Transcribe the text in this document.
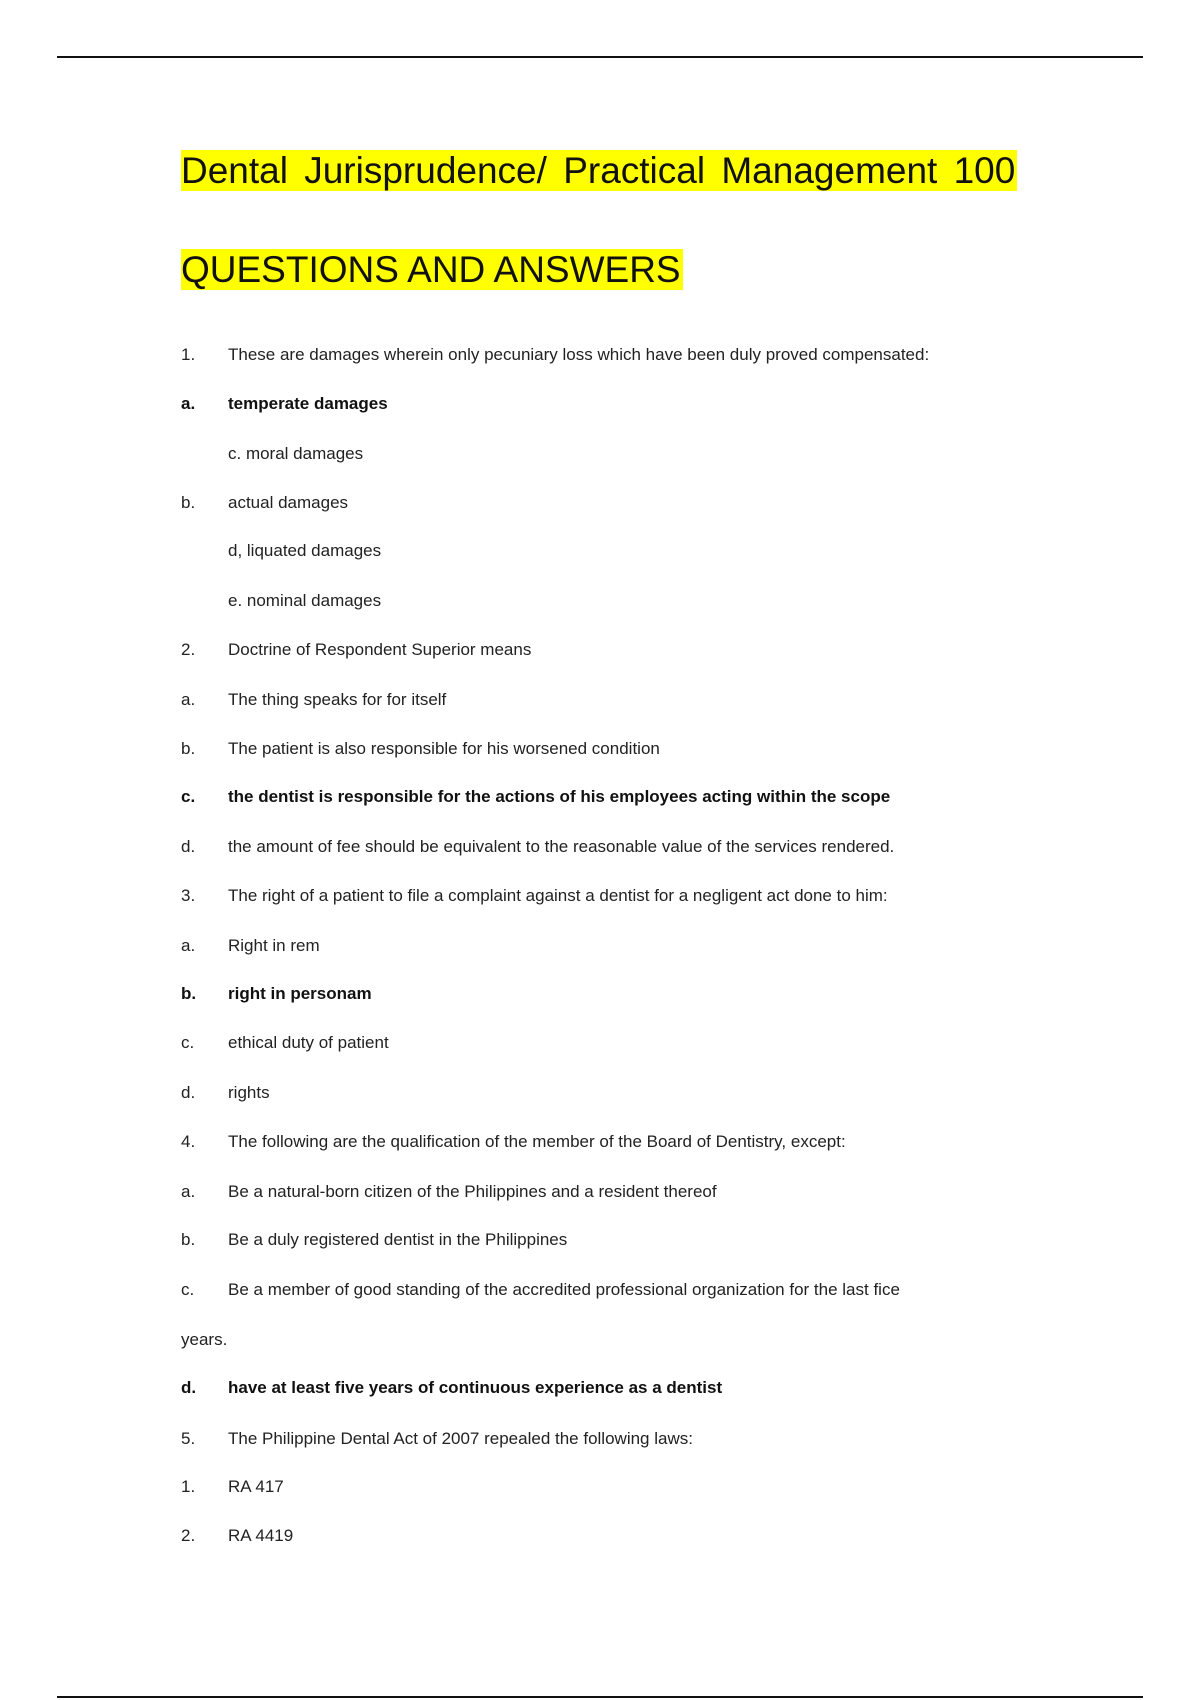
Dental Jurisprudence/ Practical Management 100
QUESTIONS AND ANSWERS
1. These are damages wherein only pecuniary loss which have been duly proved compensated:
a. temperate damages
c. moral damages
b. actual damages
d, liquated damages
e. nominal damages
2. Doctrine of Respondent Superior means
a. The thing speaks for for itself
b. The patient is also responsible for his worsened condition
c. the dentist is responsible for the actions of his employees acting within the scope
d. the amount of fee should be equivalent to the reasonable value of the services rendered.
3. The right of a patient to file a complaint against a dentist for a negligent act done to him:
a. Right in rem
b. right in personam
c. ethical duty of patient
d. rights
4. The following are the qualification of the member of the Board of Dentistry, except:
a. Be a natural-born citizen of the Philippines and a resident thereof
b. Be a duly registered dentist in the Philippines
c. Be a member of good standing of the accredited professional organization for the last fice
years.
d. have at least five years of continuous experience as a dentist
5. The Philippine Dental Act of 2007 repealed the following laws:
1. RA 417
2. RA 4419
